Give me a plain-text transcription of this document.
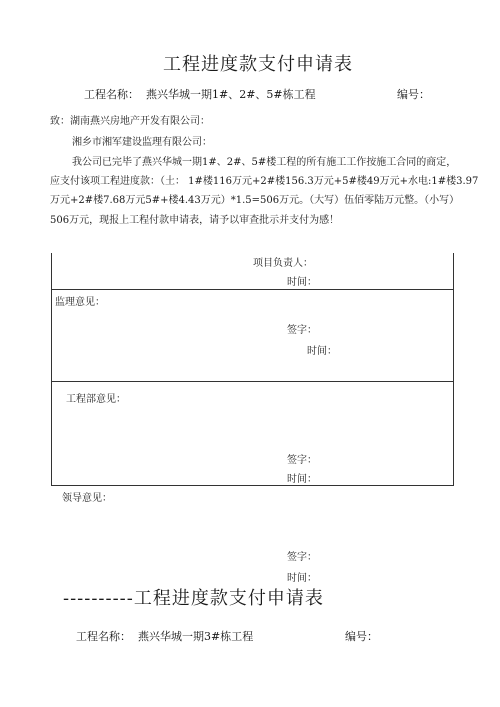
工程进度款支付申请表
工程名称： 燕兴华城一期1#、2#、5#栋工程	编号：
致：湖南燕兴房地产开发有限公司：
湘乡市湘军建设监理有限公司：
我公司已完毕了燕兴华城一期1#、2#、5#楼工程的所有施工工作按施工合同的商定，
应支付该项工程进度款：（土： 1#楼116万元+2#楼156.3万元+5#楼49万元+水电:1#楼3.97
万元+2#楼7.68万元5#+楼4.43万元）*1.5=506万元。（大写）伍佰零陆万元整。（小写）
506万元，现报上工程付款申请表，请予以审查批示并支付为感！
项目负责人：
时间：
监理意见：
签字：
时间：
工程部意见：
签字：
时间：
领导意见：
签字：
时间：
----------工程进度款支付申请表
工程名称： 燕兴华城一期3#栋工程	编号：
